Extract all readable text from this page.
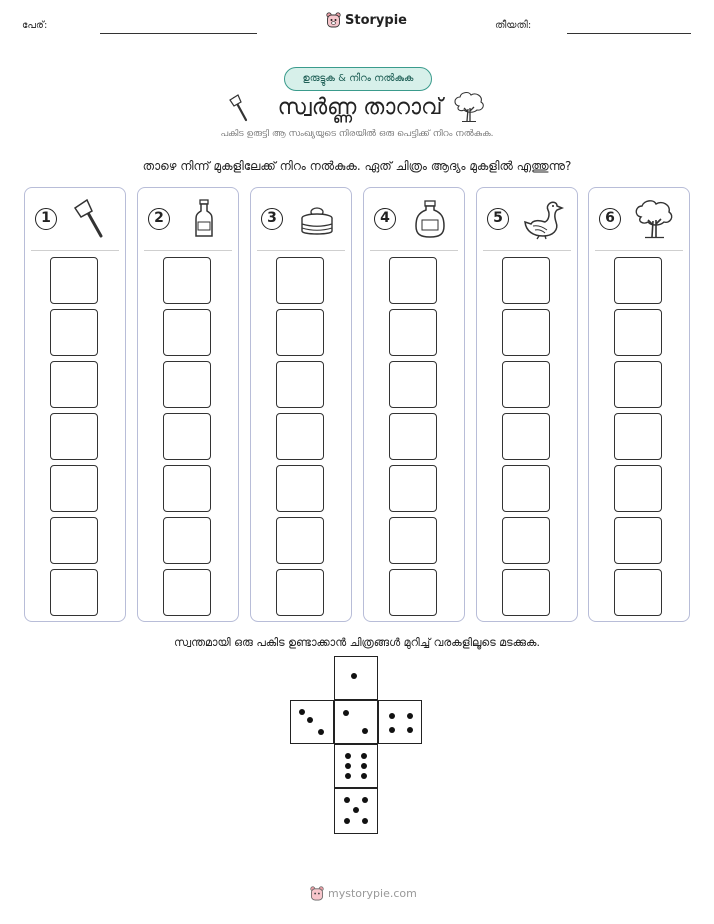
പേര്:	Storypie	തീയതി:
ഉരുട്ടുക & നിറം നൽകുക
സ്വർണ്ണ താറാവ്
പകിട ഉരുട്ടി ആ സംഖ്യയുടെ നിരയിൽ ഒരു പെട്ടിക്ക് നിറം നൽകുക.
താഴെ നിന്ന് മുകളിലേക്ക് നിറം നൽകുക. ഏത് ചിത്രം ആദ്യം മുകളിൽ എത്തുന്നു?
1	2	3	4	5	6
സ്വന്തമായി ഒരു പകിട ഉണ്ടാക്കാൻ ചിത്രങ്ങൾ മുറിച്ച് വരകളിലൂടെ മടക്കുക.
mystorypie.com
